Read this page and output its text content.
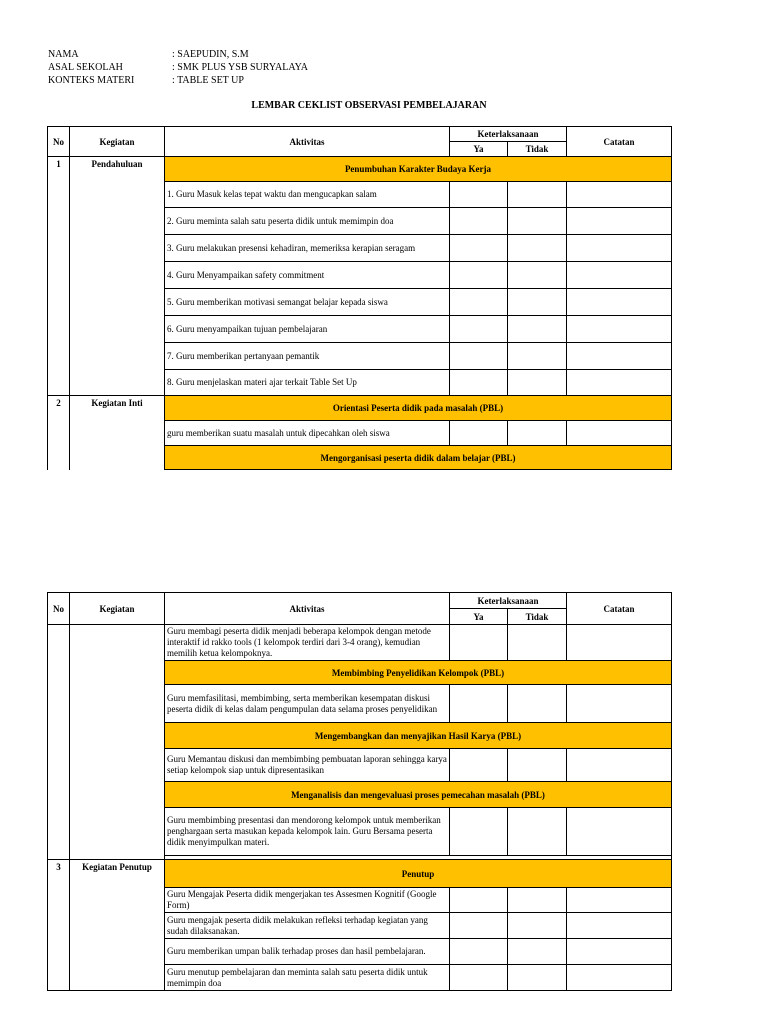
NAMA	: SAEPUDIN, S.M
ASAL SEKOLAH	: SMK PLUS YSB SURYALAYA
KONTEKS MATERI	: TABLE SET UP
LEMBAR CEKLIST OBSERVASI PEMBELAJARAN
No	Kegiatan	Aktivitas	Keterlaksanaan		Catatan
			Ya	Tidak	
1	Pendahuluan	Penumbuhan Karakter Budaya Kerja			
		1. Guru Masuk kelas tepat waktu dan mengucapkan salam			
		2. Guru meminta salah satu peserta didik untuk memimpin doa			
		3. Guru melakukan presensi kehadiran, memeriksa kerapian seragam			
		4. Guru Menyampaikan safety commitment			
		5. Guru memberikan motivasi semangat belajar kepada siswa			
		6. Guru menyampaikan tujuan pembelajaran			
		7. Guru memberikan pertanyaan pemantik			
		8. Guru menjelaskan materi ajar terkait Table Set Up			
2	Kegiatan Inti	Orientasi Peserta didik pada masalah (PBL)			
		guru memberikan suatu masalah untuk dipecahkan oleh siswa			
		Mengorganisasi peserta didik dalam belajar (PBL)			
No	Kegiatan	Aktivitas	Keterlaksanaan		Catatan
			Ya	Tidak	
		Guru membagi peserta didik menjadi beberapa kelompok dengan metode interaktif id rakko tools (1 kelompok terdiri dari 3-4 orang), kemudian memilih ketua kelompoknya.			
		Membimbing Penyelidikan Kelompok (PBL)			
		Guru memfasilitasi, membimbing, serta memberikan kesempatan diskusi peserta didik di kelas dalam pengumpulan data selama proses penyelidikan			
		Mengembangkan dan menyajikan Hasil Karya (PBL)			
		Guru Memantau diskusi dan membimbing pembuatan laporan sehingga karya setiap kelompok siap untuk dipresentasikan			
		Menganalisis dan mengevaluasi proses pemecahan masalah (PBL)			
		Guru membimbing presentasi dan mendorong kelompok untuk memberikan penghargaan serta masukan kepada kelompok lain. Guru Bersama peserta didik menyimpulkan materi.			

3	Kegiatan Penutup	Penutup			
		Guru Mengajak Peserta didik mengerjakan tes Assesmen Kognitif (Google Form)			
		Guru mengajak peserta didik melakukan refleksi terhadap kegiatan yang sudah dilaksanakan.			
		Guru memberikan umpan balik terhadap proses dan hasil pembelajaran.			
		Guru menutup pembelajaran dan meminta salah satu peserta didik untuk memimpin doa			
